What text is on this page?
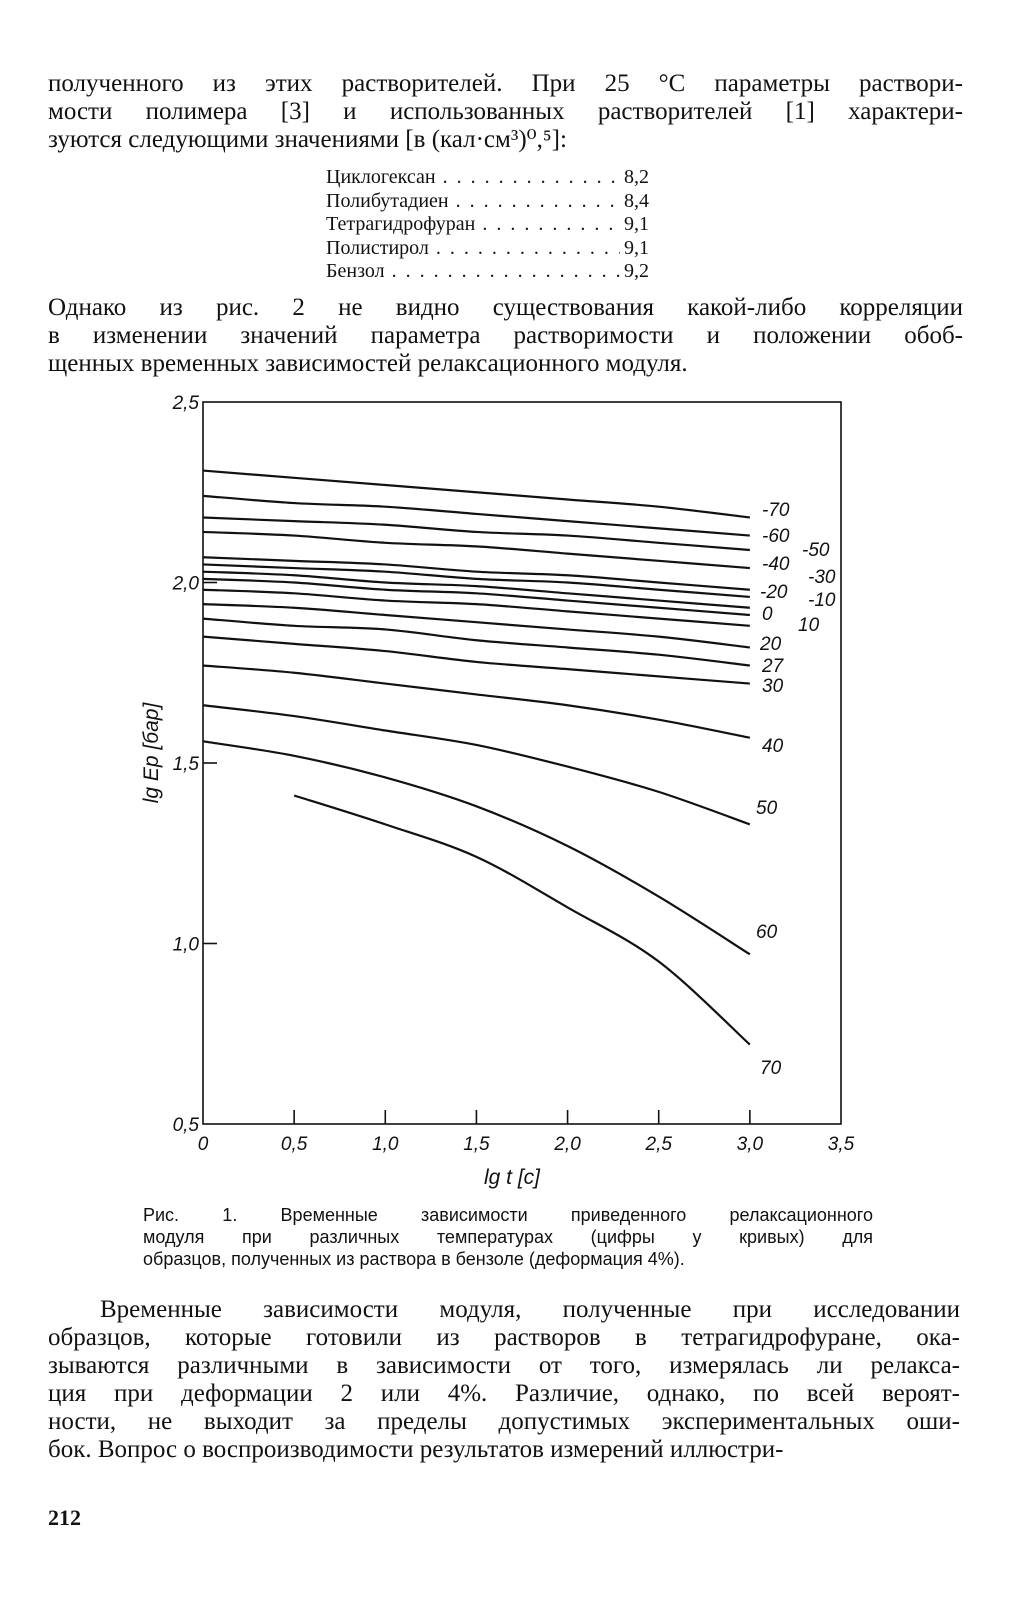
полученного из этих растворителей. При 25 °С параметры раствори-
мости полимера [3] и использованных растворителей [1] характери-
зуются следующими значениями [в (кал·см³)⁰,⁵]:
Циклогексан . . .	8,2
Полибутадиен . . .	8,4
Тетрагидрофуран . . .	9,1
Полистирол . . .	9,1
Бензол . . .	9,2
Однако из рис. 2 не видно существования какой-либо корреляции
в изменении значений параметра растворимости и положении обоб-
щенных временных зависимостей релаксационного модуля.
0	0,5	1,0	1,5	2,0	2,5	3,0	3,5
0,5
1,0
1,5
2,0
2,5
lg t [c]
lg Eр [бар]
-70
-60
-50
-40
-30
-20 -10
0
10
20
27
30
40
50
60
70
Рис. 1. Временные зависимости приведенного релаксационного
модуля при различных температурах (цифры у кривых) для
образцов, полученных из раствора в бензоле (деформация 4%).
Временные зависимости модуля, полученные при исследовании
образцов, которые готовили из растворов в тетрагидрофуране, ока-
зываются различными в зависимости от того, измерялась ли релакса-
ция при деформации 2 или 4%. Различие, однако, по всей вероят-
ности, не выходит за пределы допустимых экспериментальных оши-
бок. Вопрос о воспроизводимости результатов измерений иллюстри-
212
